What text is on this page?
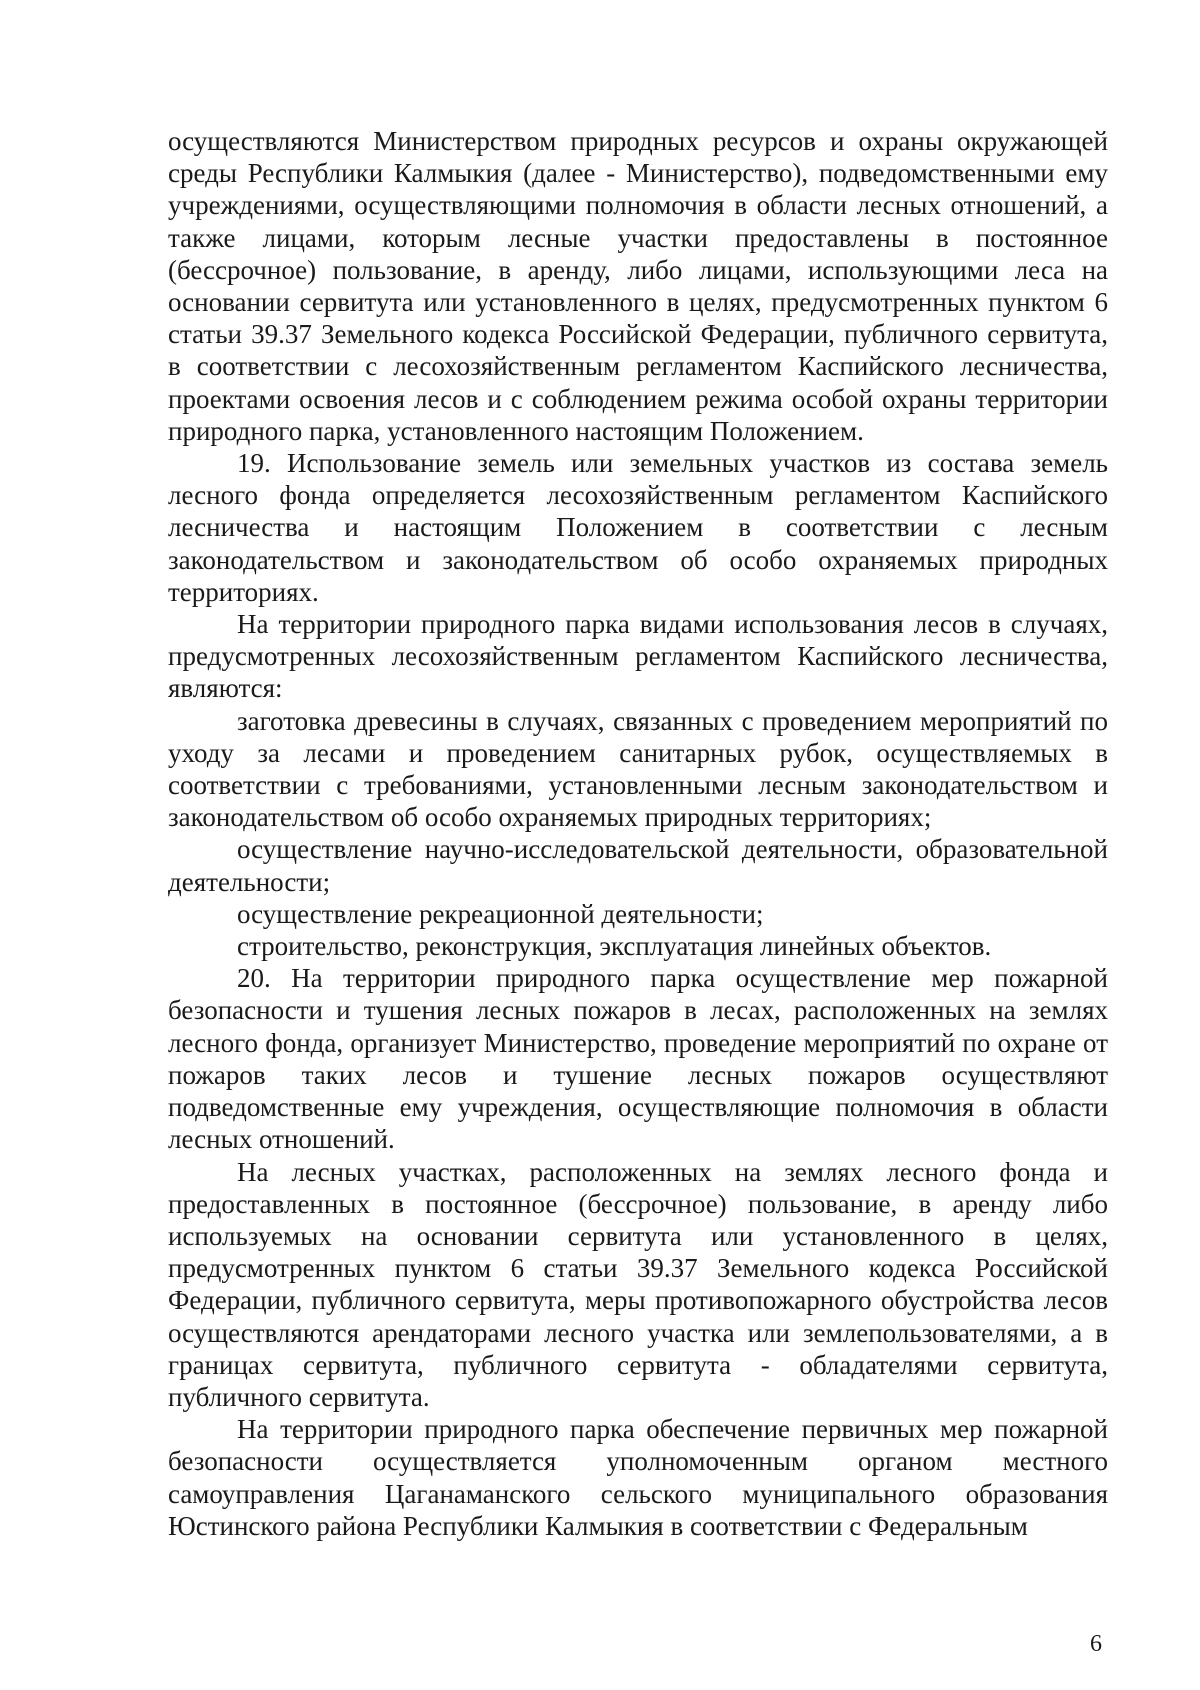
осуществляются Министерством природных ресурсов и охраны окружающей среды Республики Калмыкия (далее - Министерство), подведомственными ему учреждениями, осуществляющими полномочия в области лесных отношений, а также лицами, которым лесные участки предоставлены в постоянное (бессрочное) пользование, в аренду, либо лицами, использующими леса на основании сервитута или установленного в целях, предусмотренных пунктом 6 статьи 39.37 Земельного кодекса Российской Федерации, публичного сервитута, в соответствии с лесохозяйственным регламентом Каспийского лесничества, проектами освоения лесов и с соблюдением режима особой охраны территории природного парка, установленного настоящим Положением.

19. Использование земель или земельных участков из состава земель лесного фонда определяется лесохозяйственным регламентом Каспийского лесничества и настоящим Положением в соответствии с лесным законодательством и законодательством об особо охраняемых природных территориях.

На территории природного парка видами использования лесов в случаях, предусмотренных лесохозяйственным регламентом Каспийского лесничества, являются:

заготовка древесины в случаях, связанных с проведением мероприятий по уходу за лесами и проведением санитарных рубок, осуществляемых в соответствии с требованиями, установленными лесным законодательством и законодательством об особо охраняемых природных территориях;

осуществление научно-исследовательской деятельности, образовательной деятельности;

осуществление рекреационной деятельности;

строительство, реконструкция, эксплуатация линейных объектов.

20. На территории природного парка осуществление мер пожарной безопасности и тушения лесных пожаров в лесах, расположенных на землях лесного фонда, организует Министерство, проведение мероприятий по охране от пожаров таких лесов и тушение лесных пожаров осуществляют подведомственные ему учреждения, осуществляющие полномочия в области лесных отношений.

На лесных участках, расположенных на землях лесного фонда и предоставленных в постоянное (бессрочное) пользование, в аренду либо используемых на основании сервитута или установленного в целях, предусмотренных пунктом 6 статьи 39.37 Земельного кодекса Российской Федерации, публичного сервитута, меры противопожарного обустройства лесов осуществляются арендаторами лесного участка или землепользователями, а в границах сервитута, публичного сервитута - обладателями сервитута, публичного сервитута.

На территории природного парка обеспечение первичных мер пожарной безопасности осуществляется уполномоченным органом местного самоуправления Цаганаманского сельского муниципального образования Юстинского района Республики Калмыкия в соответствии с Федеральным

6
